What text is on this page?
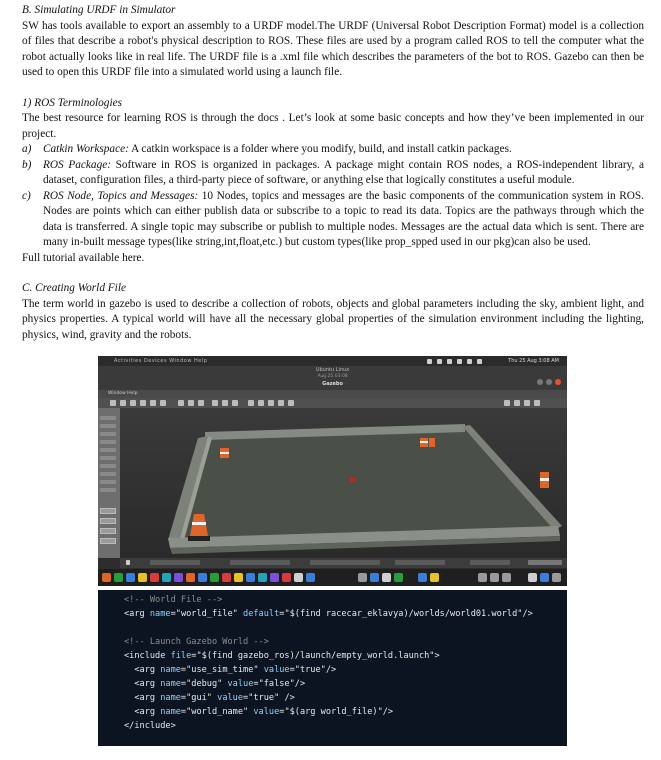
B. Simulating URDF in Simulator

SW has tools available to export an assembly to a URDF model.The URDF (Universal Robot Description Format) model is a collection of files that describe a robot's physical description to ROS. These files are used by a program called ROS to tell the computer what the robot actually looks like in real life. The URDF file is a .xml file which describes the parameters of the bot to ROS. Gazebo can then be used to open this URDF file into a simulated world using a launch file.

1) ROS Terminologies

The best resource for learning ROS is through the docs . Let’s look at some basic concepts and how they’ve been implemented in our project.

a) Catkin Workspace: A catkin workspace is a folder where you modify, build, and install catkin packages.
b) ROS Package: Software in ROS is organized in packages. A package might contain ROS nodes, a ROS-independent library, a dataset, configuration files, a third-party piece of software, or anything else that logically constitutes a useful module.
c) ROS Node, Topics and Messages: 10 Nodes, topics and messages are the basic components of the communication system in ROS. Nodes are points which can either publish data or subscribe to a topic to read its data. Topics are the pathways through which the data is transferred. A single topic may subscribe or publish to multiple nodes. Messages are the actual data which is sent. There are many in-built message types(like string,int,float,etc.) but custom types(like prop_spped used in our pkg)can also be used.

Full tutorial available here.

C. Creating World File

The term world in gazebo is used to describe a collection of robots, objects and global parameters including the sky, ambient light, and physics properties. A typical world will have all the necessary global properties of the simulation environment including the lighting, physics, wind, gravity and the robots.

Activities Devices Window Help	Thu 25 Aug 3:08 AM
Ubuntu Linux
Aug 25 03:08
Gazebo
Window Help
<!-- World File -->
<arg name="world_file" default="$(find racecar_eklavya)/worlds/world01.world"/>
<!-- Launch Gazebo World -->
<include file="$(find gazebo_ros)/launch/empty_world.launch">
<arg name="use_sim_time" value="true"/>
<arg name="debug" value="false"/>
<arg name="gui" value="true" />
<arg name="world_name" value="$(arg world_file)"/>
</include>
